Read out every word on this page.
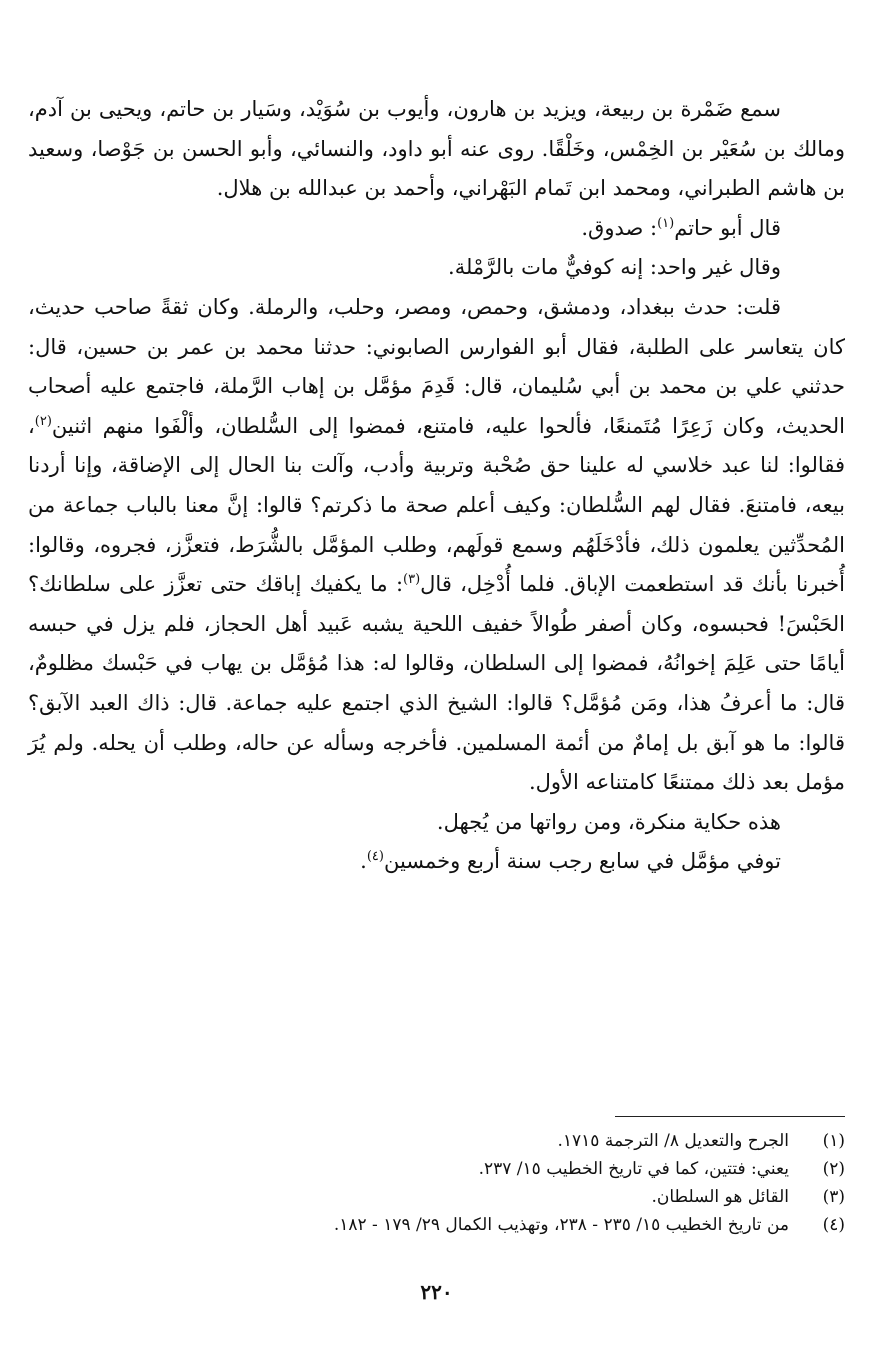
سمع ضَمْرة بن ربيعة، ويزيد بن هارون، وأيوب بن سُوَيْد، وسَيار بن حاتم، ويحيى بن آدم، ومالك بن سُعَيْر بن الخِمْس، وخَلْقًا. روى عنه أبو داود، والنسائي، وأبو الحسن بن جَوْصا، وسعيد بن هاشم الطبراني، ومحمد ابن تَمام البَهْراني، وأحمد بن عبدالله بن هلال.

قال أبو حاتم$^{(١)}$: صدوق.

وقال غير واحد: إنه كوفيٌّ مات بالرَّمْلة.

قلت: حدث ببغداد، ودمشق، وحمص، ومصر، وحلب، والرملة. وكان ثقةً صاحب حديث، كان يتعاسر على الطلبة، فقال أبو الفوارس الصابوني: حدثنا محمد بن عمر بن حسين، قال: حدثني علي بن محمد بن أبي سُليمان، قال: قَدِمَ مؤمَّل بن إهاب الرَّملة، فاجتمع عليه أصحاب الحديث، وكان زَعِرًا مُتَمنعًا، فألحوا عليه، فامتنع، فمضوا إلى السُّلطان، وألْفَوا منهم اثنين$^{(٢)}$، فقالوا: لنا عبد خلاسي له علينا حق صُحْبة وتربية وأدب، وآلت بنا الحال إلى الإضاقة، وإنا أردنا بيعه، فامتنعَ. فقال لهم السُّلطان: وكيف أعلم صحة ما ذكرتم؟ قالوا: إنَّ معنا بالباب جماعة من المُحدِّثين يعلمون ذلك، فأدْخَلَهُم وسمع قولَهم، وطلب المؤمَّل بالشُّرَط، فتعزَّز، فجروه، وقالوا: أُخبرنا بأنك قد استطعمت الإباق. فلما أُدْخِل، قال$^{(٣)}$: ما يكفيك إباقك حتى تعزَّز على سلطانك؟ الحَبْسَ! فحبسوه، وكان أصفر طُوالاً خفيف اللحية يشبه عَبيد أهل الحجاز، فلم يزل في حبسه أيامًا حتى عَلِمَ إخوانُهُ، فمضوا إلى السلطان، وقالوا له: هذا مُؤمَّل بن يهاب في حَبْسك مظلومٌ، قال: ما أعرفُ هذا، ومَن مُؤمَّل؟ قالوا: الشيخ الذي اجتمع عليه جماعة. قال: ذاك العبد الآبق؟ قالوا: ما هو آبق بل إمامٌ من أئمة المسلمين. فأخرجه وسأله عن حاله، وطلب أن يحله. ولم يُرَ مؤمل بعد ذلك ممتنعًا كامتناعه الأول.

هذه حكاية منكرة، ومن رواتها من يُجهل.

توفي مؤمَّل في سابع رجب سنة أربع وخمسين$^{(٤)}$.

(١)
الجرح والتعديل ٨/ الترجمة ١٧١٥.
(٢)
يعني: فتتين، كما في تاريخ الخطيب ١٥/ ٢٣٧.
(٣)
القائل هو السلطان.
(٤)
من تاريخ الخطيب ١٥/ ٢٣٥ - ٢٣٨، وتهذيب الكمال ٢٩/ ١٧٩ - ١٨٢.
٢٢٠
